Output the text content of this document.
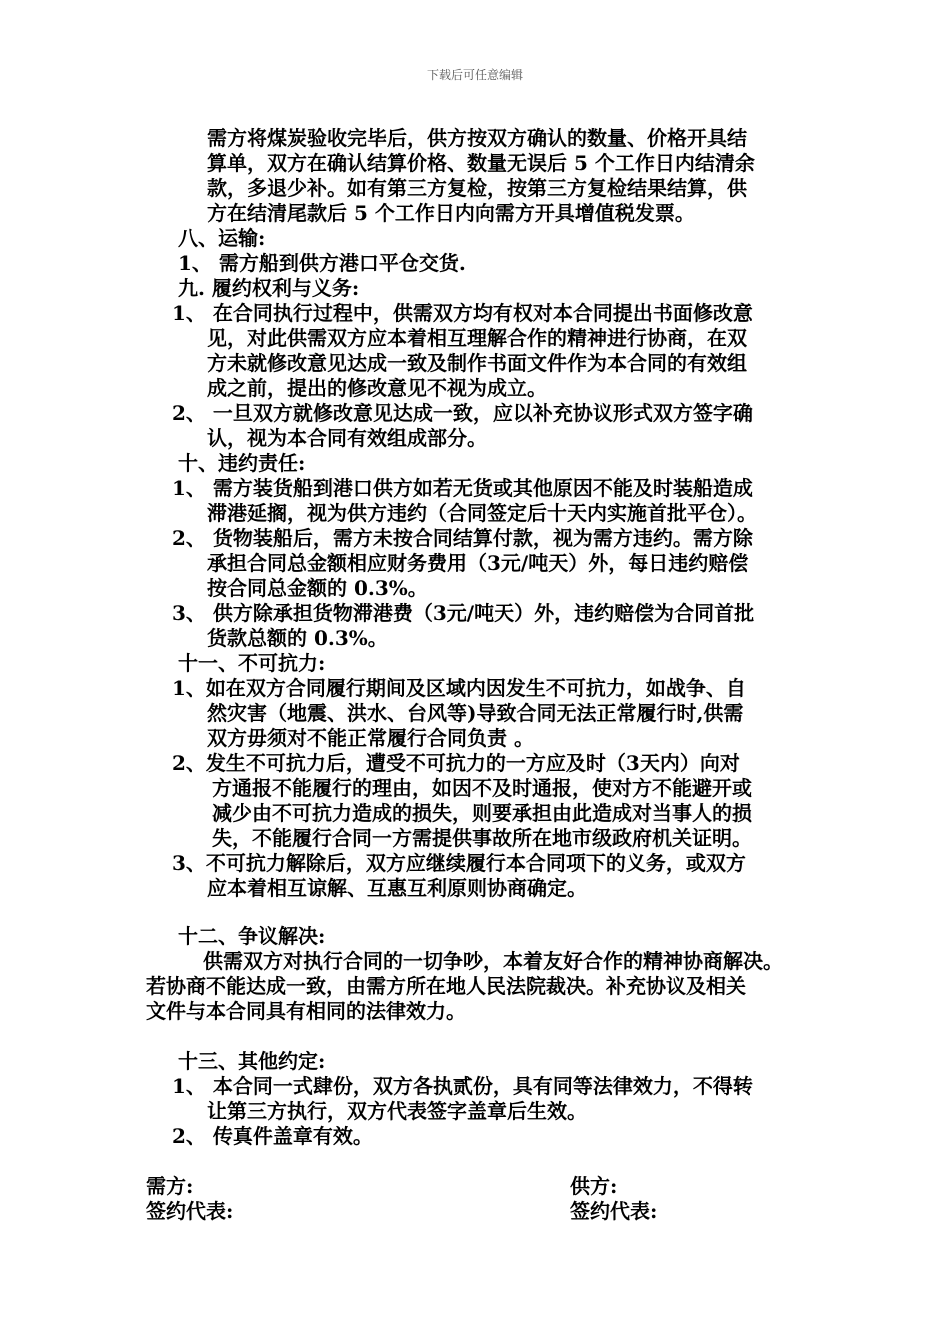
下载后可任意编辑
需方将煤炭验收完毕后，供方按双方确认的数量、价格开具结
算单，双方在确认结算价格、数量无误后 5 个工作日内结清余
款，多退少补。如有第三方复检，按第三方复检结果结算，供
方在结清尾款后 5 个工作日内向需方开具增值税发票。
八、运输:
1、 需方船到供方港口平仓交货.
九. 履约权利与义务:
1、 在合同执行过程中，供需双方均有权对本合同提出书面修改意
见，对此供需双方应本着相互理解合作的精神进行协商，在双
方未就修改意见达成一致及制作书面文件作为本合同的有效组
成之前，提出的修改意见不视为成立。
2、 一旦双方就修改意见达成一致，应以补充协议形式双方签字确
认，视为本合同有效组成部分。
十、违约责任:
1、 需方装货船到港口供方如若无货或其他原因不能及时装船造成
滞港延搁，视为供方违约（合同签定后十天内实施首批平仓）。
2、 货物装船后，需方未按合同结算付款，视为需方违约。需方除
承担合同总金额相应财务费用（3元/吨天）外，每日违约赔偿
按合同总金额的 0.3%。
3、 供方除承担货物滞港费（3元/吨天）外，违约赔偿为合同首批
货款总额的 0.3%。
十一、不可抗力:
1、如在双方合同履行期间及区域内因发生不可抗力，如战争、自
然灾害（地震、洪水、台风等)导致合同无法正常履行时,供需
双方毋须对不能正常履行合同负责 。
2、发生不可抗力后，遭受不可抗力的一方应及时（3天内）向对
方通报不能履行的理由，如因不及时通报，使对方不能避开或
减少由不可抗力造成的损失，则要承担由此造成对当事人的损
失，不能履行合同一方需提供事故所在地市级政府机关证明。
3、不可抗力解除后，双方应继续履行本合同项下的义务，或双方
应本着相互谅解、互惠互利原则协商确定。
十二、争议解决:
供需双方对执行合同的一切争吵，本着友好合作的精神协商解决。
若协商不能达成一致，由需方所在地人民法院裁决。补充协议及相关
文件与本合同具有相同的法律效力。
十三、其他约定:
1、 本合同一式肆份，双方各执贰份，具有同等法律效力，不得转
让第三方执行，双方代表签字盖章后生效。
2、 传真件盖章有效。
需方:
签约代表:
供方:
签约代表:
